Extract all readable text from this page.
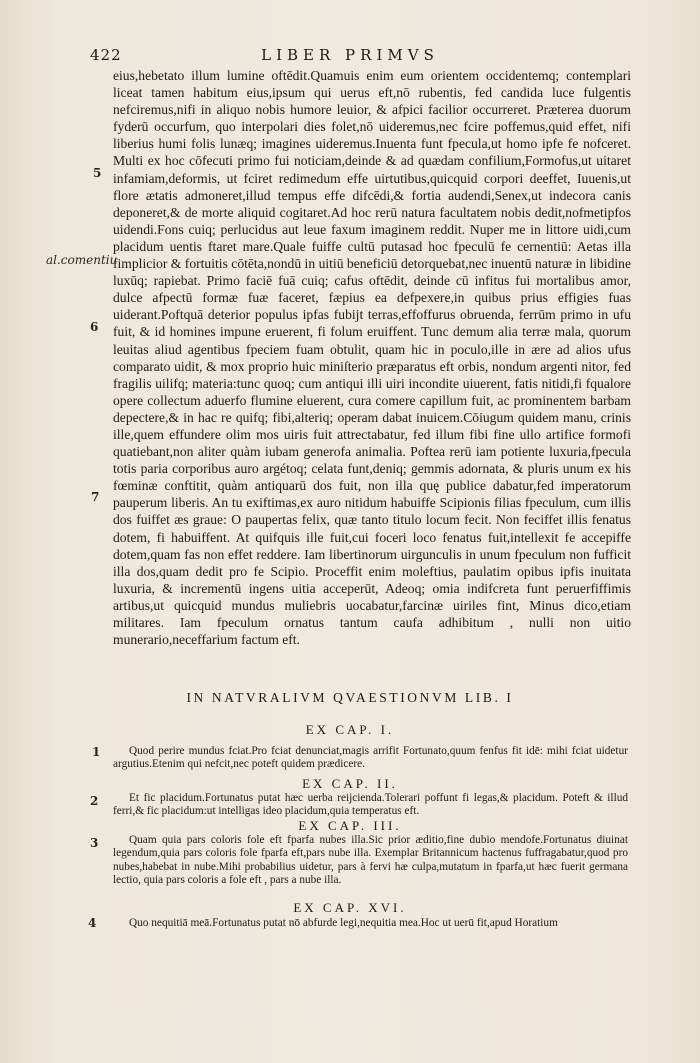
422	LIBER PRIMVS
al.comentiu
5
6
7

eius,hebetato illum lumine oftēdit.Quamuis enim eum orientem occidentemq; contemplari liceat tamen habitum eius,ipsum qui uerus eft,nō rubentis, fed candida luce fulgentis nefciremus,nifi in aliquo nobis humore leuior, & afpici facilior occurreret. Præterea duorum fyderū occurfum, quo interpolari dies folet,nō uideremus,nec fcire poffemus,quid effet, nifi liberius humi folis lunæq; imagines uideremus.Inuenta funt fpecula,ut homo ipfe fe nofceret. Multi ex hoc cōfecuti primo fui noticiam,deinde & ad quædam confilium,Formofus,ut uitaret infamiam,deformis, ut fciret redimedum effe uirtutibus,quicquid corpori deeffet, Iuuenis,ut flore ætatis admoneret,illud tempus effe difcēdi,& fortia audendi,Senex,ut indecora canis deponeret,& de morte aliquid cogitaret.Ad hoc rerū natura facultatem nobis dedit,nofmetipfos uidendi.Fons cuiq; perlucidus aut leue faxum imaginem reddit. Nuper me in littore uidi,cum placidum uentis ftaret mare.Quale fuiffe cultū putasad hoc fpeculū fe cernentiū: Aetas illa fimplicior & fortuitis cōtēta,nondū in uitiū beneficiū detorquebat,nec inuentū naturæ in libidine luxūq; rapiebat. Primo faciē fuā cuiq; cafus oftēdit, deinde cū infitus fui mortalibus amor, dulce afpectū formæ fuæ faceret, fæpius ea defpexere,in quibus prius effigies fuas uiderant.Poftquā deterior populus ipfas fubijt terras,effoffurus obruenda, ferrūm primo in ufu fuit, & id homines impune eruerent, fi folum eruiffent. Tunc demum alia terræ mala, quorum leuitas aliud agentibus fpeciem fuam obtulit, quam hic in poculo,ille in ære ad alios ufus comparato uidit, & mox proprio huic miniſterio præparatus eft orbis, nondum argenti nitor, fed fragilis uilifq; materia:tunc quoq; cum antiqui illi uiri incondite uiuerent, fatis nitidi,fi fqualore opere collectum aduerfo flumine eluerent, cura comere capillum fuit, ac prominentem barbam depectere,& in hac re quifq; fibi,alteriq; operam dabat inuicem.Cōiugum quidem manu, crinis ille,quem effundere olim mos uiris fuit attrectabatur, fed illum fibi fine ullo artifice formofi quatiebant,non aliter quàm iubam generofa animalia. Poftea rerū iam potiente luxuria,fpecula totis paria corporibus auro argétoq; celata funt,deniq; gemmis adornata, & pluris unum ex his fœminæ conftitit, quàm antiquarū dos fuit, non illa quę publice dabatur,fed imperatorum pauperum liberis. An tu exiftimas,ex auro nitidum habuiffe Scipionis filias fpeculum, cum illis dos fuiffet æs graue: O paupertas felix, quæ tanto titulo locum fecit. Non feciffet illis fenatus dotem, fi habuiffent. At quifquis ille fuit,cui foceri loco fenatus fuit,intellexit fe accepiffe dotem,quam fas non effet reddere. Iam libertinorum uirgunculis in unum fpeculum non fufficit illa dos,quam dedit pro fe Scipio. Proceffit enim moleftius, paulatim opibus ipfis inuitata luxuria, & incrementū ingens uitia acceperūt, Adeoq; omia indifcreta funt peruerfiffimis artibus,ut quicquid mundus muliebris uocabatur,farcinæ uiriles fint, Minus dico,etiam militares. Iam fpeculum ornatus tantum caufa adhibitum , nulli non uitio munerario,neceffarium factum eft.

IN NATVRALIVM QVAESTIONVM LIB. I
EX CAP. I.
1	Quod perire mundus fciat.Pro fciat denunciat,magis arrifit Fortunato,quum fenfus fit idē: mihi fciat uidetur argutius.Etenim qui nefcit,nec poteft quidem prædicere.
EX CAP. II.
2	Et fic placidum.Fortunatus putat hæc uerba reijcienda.Tolerari poffunt fi legas,& placidum. Poteft & illud ferri,& fic placidum:ut intelligas ideo placidum,quia temperatus eft.
EX CAP. III.
3	Quam quia pars coloris fole eft fparfa nubes illa.Sic prior æditio,fine dubio mendofe.Fortunatus diuinat legendum,quia pars coloris fole fparfa eft,pars nube illa. Exemplar Britannicum hactenus fuffragabatur,quod pro nubes,habebat in nube.Mihi probabilius uidetur, pars à fervi hæ culpa,mutatum in fparfa,ut hæc fuerit germana lectio, quia pars coloris a fole eft , pars a nube illa.
EX CAP. XVI.
4	Quo nequitiā meā.Fortunatus putat nō abfurde legi,nequitia mea.Hoc ut uerū fit,apud Horatium
